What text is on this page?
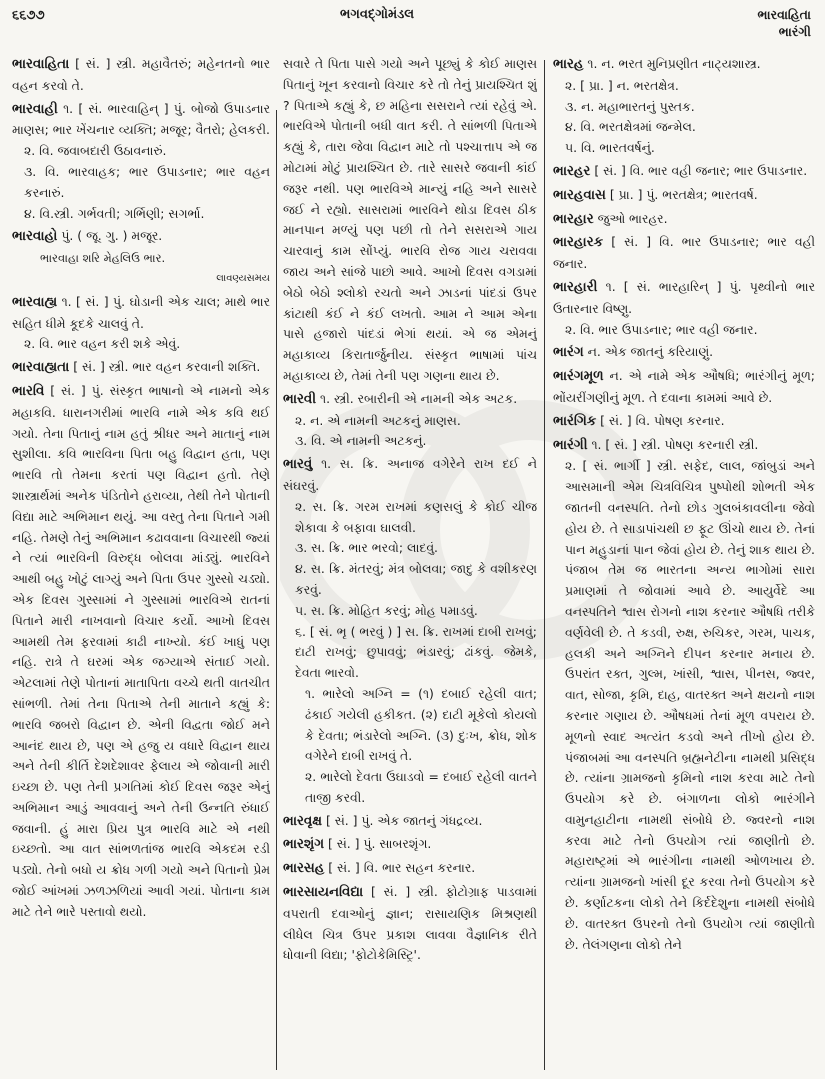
૬૬૭૭	ભગવદ્ગોમંડલ	ભારવાહિતા
ભારંગી
ભારવાહિતા [ સં. ] સ્ત્રી. મહાવૈતરું; મહેનતનો ભાર વહન કરવો તે.
ભારવાહી ૧. [ સં. ભારવાહિન્ ] પું. બોજો ઉપાડનાર માણસ; ભાર ખેંચનાર વ્યક્તિ; મજૂર; વૈતરો; હેલકરી.
૨. વિ. જવાબદારી ઉઠાવનારું.
૩. વિ. ભારવાહક; ભાર ઉપાડનાર; ભાર વહન કરનારું.
૪. વિ.સ્ત્રી. ગર્ભવતી; ગર્ભિણી; સગર્ભા.
ભારવાહો પું. ( જૂ. ગુ. ) મજૂર.
ભારવાહા શરિ મેહલિઉ ભાર.
લાવણ્યસમય
ભારવાહ્ય ૧. [ સં. ] પું. ઘોડાની એક ચાલ; માથે ભાર સહિત ધીમે કૂદકે ચાલવું તે.
૨. વિ. ભાર વહન કરી શકે એવું.
ભારવાહ્યતા [ સં. ] સ્ત્રી. ભાર વહન કરવાની શક્તિ.
ભારવિ [ સં. ] પું. સંસ્કૃત ભાષાનો એ નામનો એક મહાકવિ. ધારાનગરીમાં ભારવિ નામે એક કવિ થઈ ગયો. તેના પિતાનું નામ હતું શ્રીધર અને માતાનું નામ સુશીલા. કવિ ભારવિના પિતા બહુ વિદ્વાન હતા, પણ ભારવિ તો તેમના કરતાં પણ વિદ્વાન હતો. તેણે શાસ્ત્રાર્થમાં અનેક પંડિતોને હરાવ્યા, તેથી તેને પોતાની વિદ્યા માટે અભિમાન થયું. આ વસ્તુ તેના પિતાને ગમી નહિ. તેમણે તેનું અભિમાન કઢાવવાના વિચારથી જ્યાં ને ત્યાં ભારવિની વિરુદ્ધ બોલવા માંડ્યું. ભારવિને આથી બહુ ખોટું લાગ્યું અને પિતા ઉપર ગુસ્સો ચડ્યો. એક દિવસ ગુસ્સામાં ને ગુસ્સામાં ભારવિએ રાતનાં પિતાને મારી નાખવાનો વિચાર કર્યો. આખો દિવસ આમથી તેમ ફરવામાં કાઢી નાખ્યો. કંઈ ખાધું પણ નહિ. રાત્રે તે ઘરમાં એક જગ્યાએ સંતાઈ ગયો. એટલામાં તેણે પોતાનાં માતાપિતા વચ્ચે થતી વાતચીત સાંભળી. તેમાં તેના પિતાએ તેની માતાને કહ્યું કે: ભારવિ જબરો વિદ્વાન છે. એની વિદ્વતા જોઈ મને આનંદ થાય છે, પણ એ હજુ ય વધારે વિદ્વાન થાય અને તેની કીર્તિ દેશદેશાવર ફેલાય એ જોવાની મારી ઇચ્છા છે. પણ તેની પ્રગતિમાં કોઈ દિવસ જરૂર એનું અભિમાન આડું આવવાનું અને તેની ઉન્નતિ રુંધાઈ જવાની. હું મારા પ્રિય પુત્ર ભારવિ માટે એ નથી ઇચ્છતો. આ વાત સાંભળતાંજ ભારવિ એકદમ રડી પડ્યો. તેનો બધો ય ક્રોધ ગળી ગયો અને પિતાનો પ્રેમ જોઈ આંખમાં ઝળઝળિયાં આવી ગયાં. પોતાના કામ માટે તેને ભારે પસ્તાવો થયો.
સવારે તે પિતા પાસે ગયો અને પૂછ્યું કે કોઈ માણસ પિતાનું ખૂન કરવાનો વિચાર કરે તો તેનું પ્રાયશ્ચિત શું ? પિતાએ કહ્યું કે, છ મહિના સસરાને ત્યાં રહેવું એ. ભારવિએ પોતાની બધી વાત કરી. તે સાંભળી પિતાએ કહ્યું કે, તારા જેવા વિદ્વાન માટે તો પશ્ચાત્તાપ એ જ મોટામાં મોટું પ્રાયશ્ચિત છે. તારે સાસરે જવાની કાંઈ જરૂર નથી. પણ ભારવિએ માન્યું નહિ અને સાસરે જઈ ને રહ્યો. સાસરામાં ભારવિને થોડા દિવસ ઠીક માનપાન મળ્યું પણ પછી તો તેને સસરાએ ગાય ચારવાનું કામ સોંપ્યું. ભારવિ રોજ ગાય ચરાવવા જાય અને સાંજે પાછો આવે. આખો દિવસ વગડામાં બેઠો બેઠો શ્લોકો રચતો અને ઝાડનાં પાંદડાં ઉપર કાંટાથી કંઈ ને કંઈ લખતો. આમ ને આમ એના પાસે હજારો પાંદડાં ભેગાં થયાં. એ જ એમનું મહાકાવ્ય કિરાતાર્જુનીય. સંસ્કૃત ભાષામાં પાંચ મહાકાવ્ય છે, તેમાં તેની પણ ગણના થાય છે.
ભારવી ૧. સ્ત્રી. રબારીની એ નામની એક અટક.
૨. ન. એ નામની અટકનું માણસ.
૩. વિ. એ નામની અટકનું.
ભારવું ૧. સ. ક્રિ. અનાજ વગેરેને રાખ દઈ ને સંઘરવું.
૨. સ. ક્રિ. ગરમ રાખમાં કણસલું કે કોઈ ચીજ શેકાવા કે બફાવા ઘાલવી.
૩. સ. ક્રિ. ભાર ભરવો; લાદવું.
૪. સ. ક્રિ. મંતરવું; મંત્ર બોલવા; જાદુ કે વશીકરણ કરવું.
૫. સ. ક્રિ. મોહિત કરવું; મોહ પમાડવું.
૬. [ સં. ભૃ ( ભરવું ) ] સ. ક્રિ. રાખમાં દાબી રાખવું; દાટી રાખવું; છુપાવવું; ભંડારવું; ઢાંકવું. જેમકે, દેવતા ભારવો.
૧. ભારેલો અગ્નિ = (૧) દબાઈ રહેલી વાત; ઢંકાઈ ગયેલી હકીકત. (૨) દાટી મૂકેલો કોયલો કે દેવતા; ભંડારેલો અગ્નિ. (૩) દુઃખ, ક્રોધ, શોક વગેરેને દાબી રાખવું તે.
૨. ભારેલો દેવતા ઉઘાડવો = દબાઈ રહેલી વાતને તાજી કરવી.
ભારવૃક્ષ [ સં. ] પું. એક જાતનું ગંધદ્રવ્ય.
ભારશૃંગ [ સં. ] પું. સાબરશૃંગ.
ભારસહ [ સં. ] વિ. ભાર સહન કરનાર.
ભારસાયનવિદ્યા [ સં. ] સ્ત્રી. ફોટોગ્રાફ પાડવામાં વપરાતી દવાઓનું જ્ઞાન; રાસાયણિક મિશ્રણથી લીધેલ ચિત્ર ઉપર પ્રકાશ લાવવા વૈજ્ઞાનિક રીતે ધોવાની વિદ્યા; 'ફોટોકેમિસ્ટ્રિ'.
ભારહ ૧. ન. ભરત મુનિપ્રણીત નાટ્યશાસ્ત્ર.
૨. [ પ્રા. ] ન. ભરતક્ષેત્ર.
૩. ન. મહાભારતનું પુસ્તક.
૪. વિ. ભરતક્ષેત્રમાં જન્મેલ.
૫. વિ. ભારતવર્ષનું.
ભારહર [ સં. ] વિ. ભાર વહી જનાર; ભાર ઉપાડનાર.
ભારહવાસ [ પ્રા. ] પું. ભરતક્ષેત્ર; ભારતવર્ષ.
ભારહાર જુઓ ભારહર.
ભારહારક [ સં. ] વિ. ભાર ઉપાડનાર; ભાર વહી જનાર.
ભારહારી ૧. [ સં. ભારહારિન્ ] પું. પૃથ્વીનો ભાર ઉતારનાર વિષ્ણુ.
૨. વિ. ભાર ઉપાડનાર; ભાર વહી જનાર.
ભારંગ ન. એક જાતનું કરિયાણું.
ભારંગમૂળ ન. એ નામે એક ઔષધિ; ભારંગીનું મૂળ; ભોંયરીંગણીનું મૂળ. તે દવાના કામમાં આવે છે.
ભારંગિક [ સં. ] વિ. પોષણ કરનાર.
ભારંગી ૧. [ સં. ] સ્ત્રી. પોષણ કરનારી સ્ત્રી.
૨. [ સં. ભાર્ગી ] સ્ત્રી. સફેદ, લાલ, જાંબુડાં અને આસમાની એમ ચિત્રવિચિત્ર પુષ્પોથી શોભતી એક જાતની વનસ્પતિ. તેનો છોડ ગુલબંકાવલીના જેવો હોય છે. તે સાડાપાંચથી છ ફૂટ ઊંચો થાય છે. તેનાં પાન મહુડાનાં પાન જેવાં હોય છે. તેનું શાક થાય છે. પંજાબ તેમ જ ભારતના અન્ય ભાગોમાં સારા પ્રમાણમાં તે જોવામાં આવે છે. આયુર્વેદે આ વનસ્પતિને શ્વાસ રોગનો નાશ કરનાર ઔષધિ તરીકે વર્ણવેલી છે. તે કડવી, રુક્ષ, રુચિકર, ગરમ, પાચક, હલકી અને અગ્નિને દીપન કરનાર મનાય છે. ઉપરાંત રક્ત, ગુલ્મ, ખાંસી, શ્વાસ, પીનસ, જ્વર, વાત, સોજા, કૃમિ, દાહ, વાતરક્ત અને ક્ષયનો નાશ કરનાર ગણાય છે. ઔષધમાં તેનાં મૂળ વપરાય છે. મૂળનો સ્વાદ અત્યંત કડવો અને તીખો હોય છે. પંજાબમાં આ વનસ્પતિ બ્રહ્મનેટીના નામથી પ્રસિદ્ધ છે. ત્યાંના ગ્રામજનો કૃમિનો નાશ કરવા માટે તેનો ઉપયોગ કરે છે. બંગાળના લોકો ભારંગીને વામુનહાટીના નામથી સંબોધે છે. જ્વરનો નાશ કરવા માટે તેનો ઉપયોગ ત્યાં જાણીતો છે. મહારાષ્ટ્રમાં એ ભારંગીના નામથી ઓળખાય છે. ત્યાંના ગ્રામજનો ખાંસી દૂર કરવા તેનો ઉપયોગ કરે છે. કર્ણાટકના લોકો તેને કિર્દદેશુના નામથી સંબોધે છે. વાતરક્ત ઉપરનો તેનો ઉપયોગ ત્યાં જાણીતો છે. તેલંગણના લોકો તેને
